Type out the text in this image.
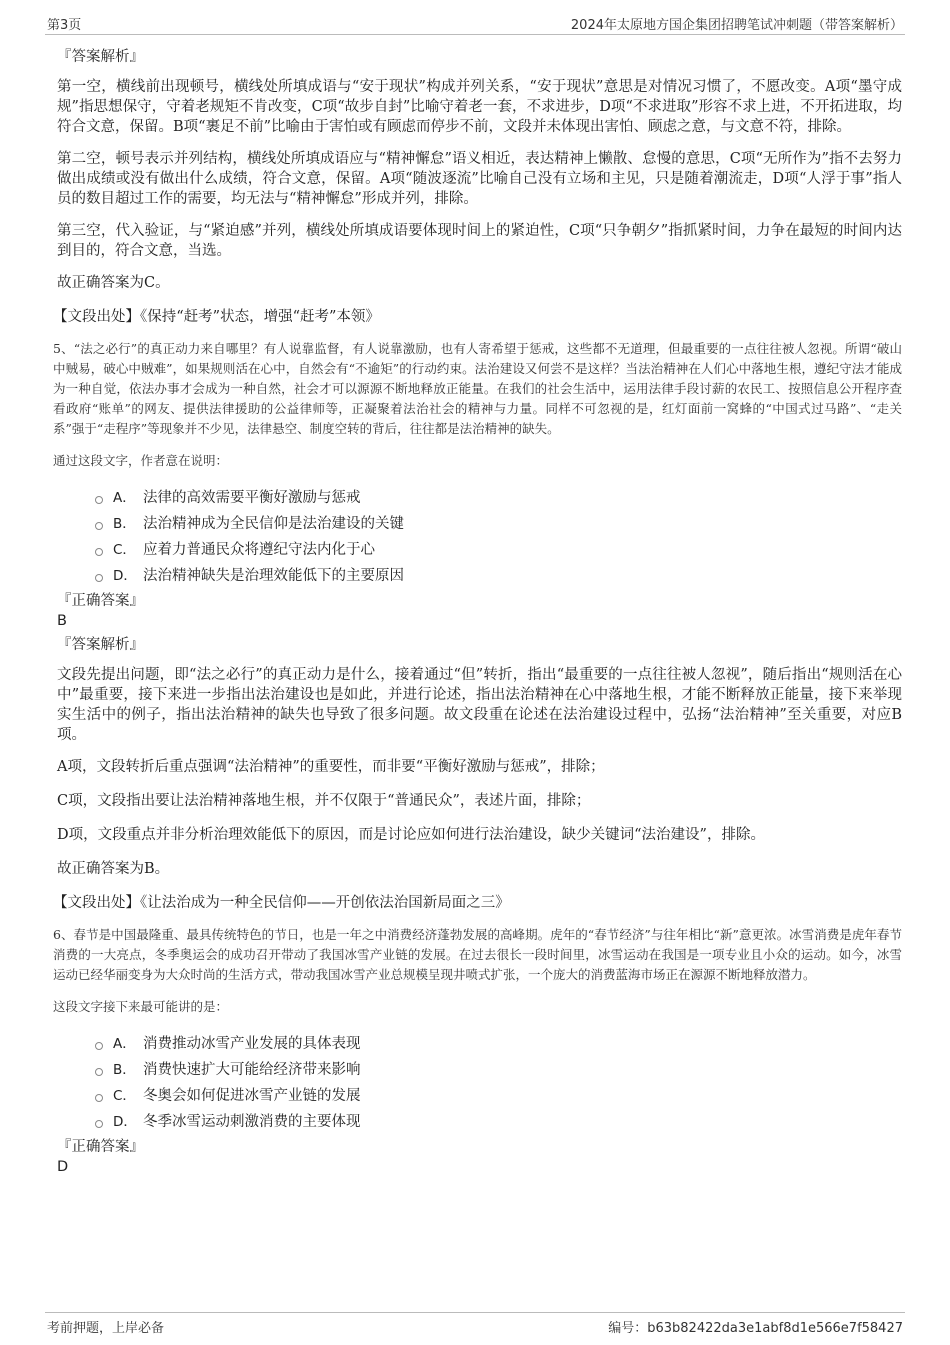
第3页	2024年太原地方国企集团招聘笔试冲刺题（带答案解析）

『答案解析』

第一空，横线前出现顿号，横线处所填成语与“安于现状”构成并列关系，“安于现状”意思是对情况习惯了，不愿改变。A项“墨守成规”指思想保守，守着老规矩不肯改变，C项“故步自封”比喻守着老一套，不求进步，D项“不求进取”形容不求上进，不开拓进取，均符合文意，保留。B项“裹足不前”比喻由于害怕或有顾虑而停步不前，文段并未体现出害怕、顾虑之意，与文意不符，排除。

第二空，顿号表示并列结构，横线处所填成语应与“精神懈怠”语义相近，表达精神上懒散、怠慢的意思，C项“无所作为”指不去努力做出成绩或没有做出什么成绩，符合文意，保留。A项“随波逐流”比喻自己没有立场和主见，只是随着潮流走，D项“人浮于事”指人员的数目超过工作的需要，均无法与“精神懈怠”形成并列，排除。

第三空，代入验证，与“紧迫感”并列，横线处所填成语要体现时间上的紧迫性，C项“只争朝夕”指抓紧时间，力争在最短的时间内达到目的，符合文意，当选。

故正确答案为C。

【文段出处】《保持“赶考”状态，增强“赶考”本领》

5、“法之必行”的真正动力来自哪里？有人说靠监督，有人说靠激励，也有人寄希望于惩戒，这些都不无道理，但最重要的一点往往被人忽视。所谓“破山中贼易，破心中贼难”，如果规则活在心中，自然会有“不逾矩”的行动约束。法治建设又何尝不是这样？当法治精神在人们心中落地生根，遵纪守法才能成为一种自觉，依法办事才会成为一种自然，社会才可以源源不断地释放正能量。在我们的社会生活中，运用法律手段讨薪的农民工、按照信息公开程序查看政府“账单”的网友、提供法律援助的公益律师等，正凝聚着法治社会的精神与力量。同样不可忽视的是，红灯面前一窝蜂的“中国式过马路”、“走关系”强于“走程序”等现象并不少见，法律悬空、制度空转的背后，往往都是法治精神的缺失。

通过这段文字，作者意在说明：

A． 法律的高效需要平衡好激励与惩戒
B． 法治精神成为全民信仰是法治建设的关键
C． 应着力普通民众将遵纪守法内化于心
D． 法治精神缺失是治理效能低下的主要原因

『正确答案』

B

『答案解析』

文段先提出问题，即“法之必行”的真正动力是什么，接着通过“但”转折，指出“最重要的一点往往被人忽视”，随后指出“规则活在心中”最重要，接下来进一步指出法治建设也是如此，并进行论述，指出法治精神在心中落地生根，才能不断释放正能量，接下来举现实生活中的例子，指出法治精神的缺失也导致了很多问题。故文段重在论述在法治建设过程中，弘扬“法治精神”至关重要，对应B项。

A项，文段转折后重点强调“法治精神”的重要性，而非要“平衡好激励与惩戒”，排除；

C项，文段指出要让法治精神落地生根，并不仅限于“普通民众”，表述片面，排除；

D项，文段重点并非分析治理效能低下的原因，而是讨论应如何进行法治建设，缺少关键词“法治建设”，排除。

故正确答案为B。

【文段出处】《让法治成为一种全民信仰——开创依法治国新局面之三》

6、春节是中国最隆重、最具传统特色的节日，也是一年之中消费经济蓬勃发展的高峰期。虎年的“春节经济”与往年相比“新”意更浓。冰雪消费是虎年春节消费的一大亮点，冬季奥运会的成功召开带动了我国冰雪产业链的发展。在过去很长一段时间里，冰雪运动在我国是一项专业且小众的运动。如今，冰雪运动已经华丽变身为大众时尚的生活方式，带动我国冰雪产业总规模呈现井喷式扩张，一个庞大的消费蓝海市场正在源源不断地释放潜力。

这段文字接下来最可能讲的是：

A． 消费推动冰雪产业发展的具体表现
B． 消费快速扩大可能给经济带来影响
C． 冬奥会如何促进冰雪产业链的发展
D． 冬季冰雪运动刺激消费的主要体现

『正确答案』

D

考前押题，上岸必备	编号：b63b82422da3e1abf8d1e566e7f58427
